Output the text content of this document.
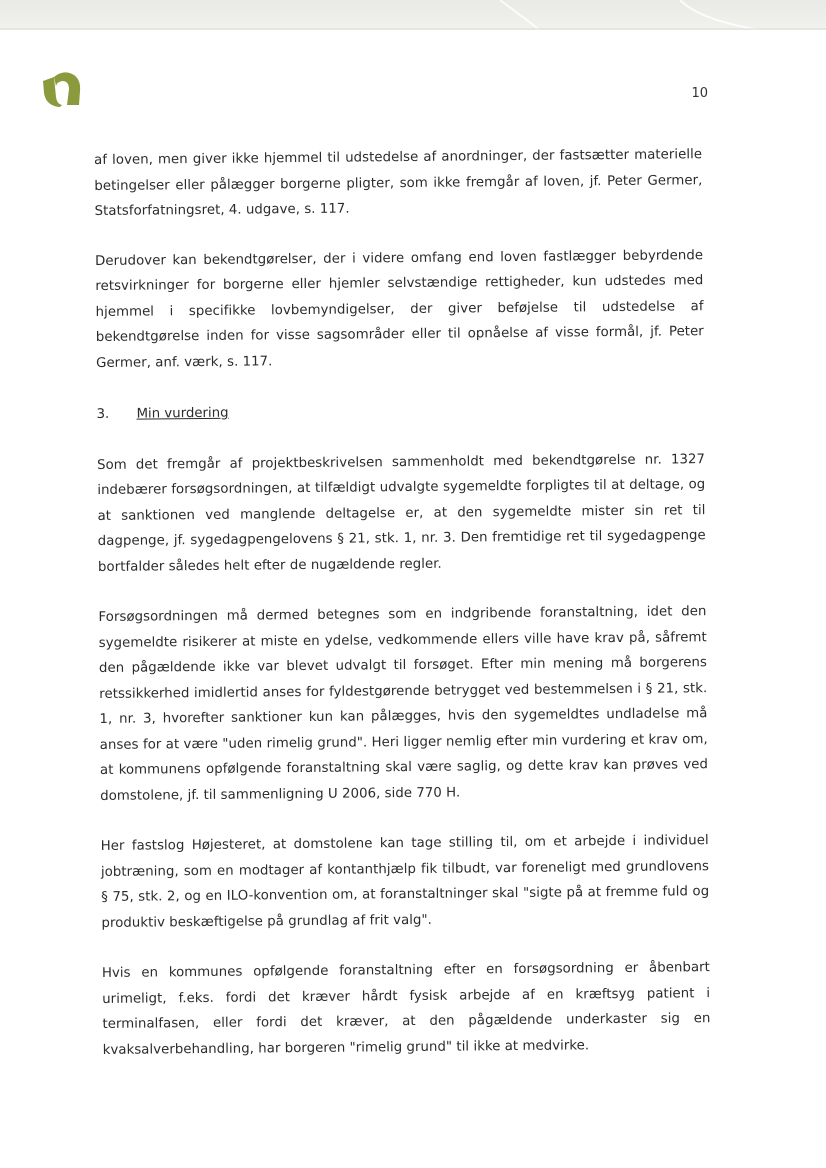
10

af loven, men giver ikke hjemmel til udstedelse af anordninger, der fastsætter materielle betingelser eller pålægger borgerne pligter, som ikke fremgår af loven, jf. Peter Germer, Statsforfatningsret, 4. udgave, s. 117.

Derudover kan bekendtgørelser, der i videre omfang end loven fastlægger bebyrdende retsvirkninger for borgerne eller hjemler selvstændige rettigheder, kun udstedes med hjemmel i specifikke lovbemyndigelser, der giver beføjelse til udstedelse af bekendtgørelse inden for visse sagsområder eller til opnåelse af visse formål, jf. Peter Germer, anf. værk, s. 117.

3. Min vurdering

Som det fremgår af projektbeskrivelsen sammenholdt med bekendtgørelse nr. 1327 indebærer forsøgsordningen, at tilfældigt udvalgte sygemeldte forpligtes til at deltage, og at sanktionen ved manglende deltagelse er, at den sygemeldte mister sin ret til dagpenge, jf. sygedagpengelovens § 21, stk. 1, nr. 3. Den fremtidige ret til sygedagpenge bortfalder således helt efter de nugældende regler.

Forsøgsordningen må dermed betegnes som en indgribende foranstaltning, idet den sygemeldte risikerer at miste en ydelse, vedkommende ellers ville have krav på, såfremt den pågældende ikke var blevet udvalgt til forsøget. Efter min mening må borgerens retssikkerhed imidlertid anses for fyldestgørende betrygget ved bestemmelsen i § 21, stk. 1, nr. 3, hvorefter sanktioner kun kan pålægges, hvis den sygemeldtes undladelse må anses for at være "uden rimelig grund". Heri ligger nemlig efter min vurdering et krav om, at kommunens opfølgende foranstaltning skal være saglig, og dette krav kan prøves ved domstolene, jf. til sammenligning U 2006, side 770 H.

Her fastslog Højesteret, at domstolene kan tage stilling til, om et arbejde i individuel jobtræning, som en modtager af kontanthjælp fik tilbudt, var foreneligt med grundlovens § 75, stk. 2, og en ILO-konvention om, at foranstaltninger skal "sigte på at fremme fuld og produktiv beskæftigelse på grundlag af frit valg".

Hvis en kommunes opfølgende foranstaltning efter en forsøgsordning er åbenbart urimeligt, f.eks. fordi det kræver hårdt fysisk arbejde af en kræftsyg patient i terminalfasen, eller fordi det kræver, at den pågældende underkaster sig en kvaksalverbehandling, har borgeren "rimelig grund" til ikke at medvirke.
